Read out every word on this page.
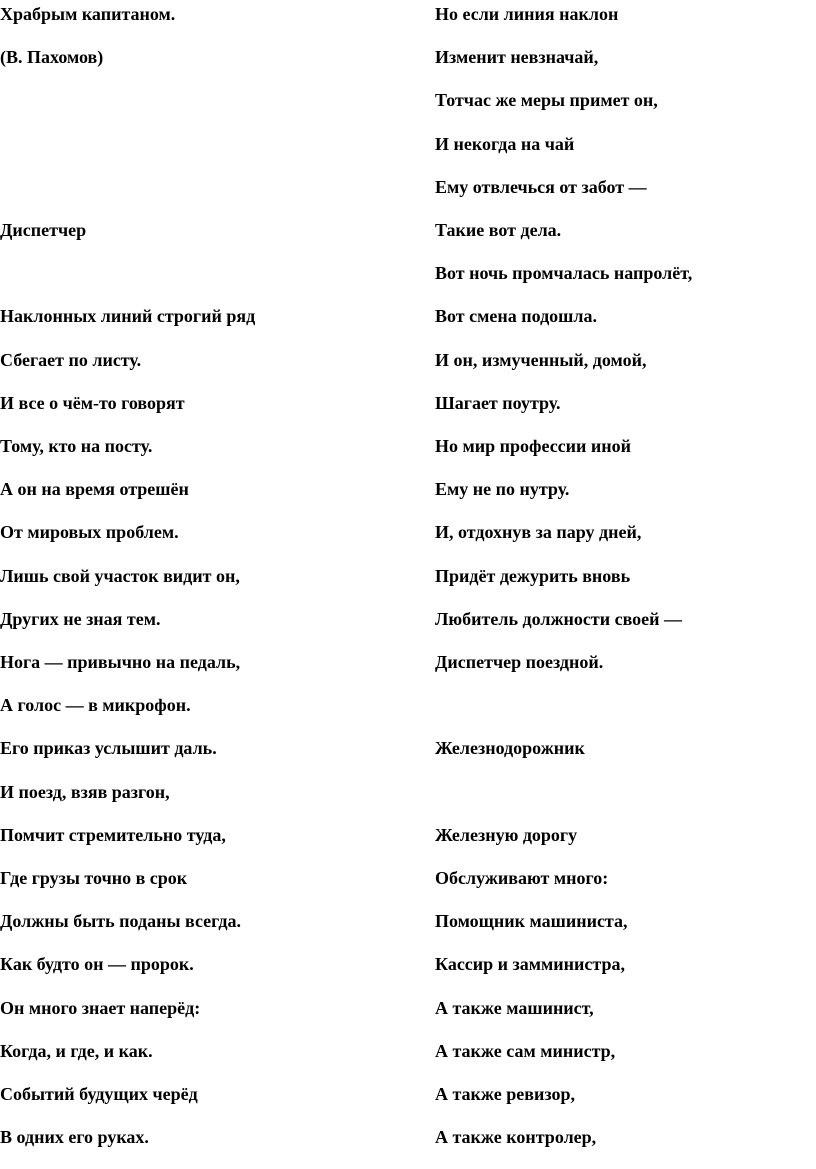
Храбрым капитаном.
(В. Пахомов)
Диспетчер
Наклонных линий строгий ряд
Сбегает по листу.
И все о чём-то говорят
Тому, кто на посту.
А он на время отрешён
От мировых проблем.
Лишь свой участок видит он,
Других не зная тем.
Нога — привычно на педаль,
А голос — в микрофон.
Его приказ услышит даль.
И поезд, взяв разгон,
Помчит стремительно туда,
Где грузы точно в срок
Должны быть поданы всегда.
Как будто он — пророк.
Он много знает наперёд:
Когда, и где, и как.
Событий будущих черёд
В одних его руках.
Но если линия наклон
Изменит невзначай,
Тотчас же меры примет он,
И некогда на чай
Ему отвлечься от забот —
Такие вот дела.
Вот ночь промчалась напролёт,
Вот смена подошла.
И он, измученный, домой,
Шагает поутру.
Но мир профессии иной
Ему не по нутру.
И, отдохнув за пару дней,
Придёт дежурить вновь
Любитель должности своей —
Диспетчер поездной.
Железнодорожник
Железную дорогу
Обслуживают много:
Помощник машиниста,
Кассир и замминистра,
А также машинист,
А также сам министр,
А также ревизор,
А также контролер,
